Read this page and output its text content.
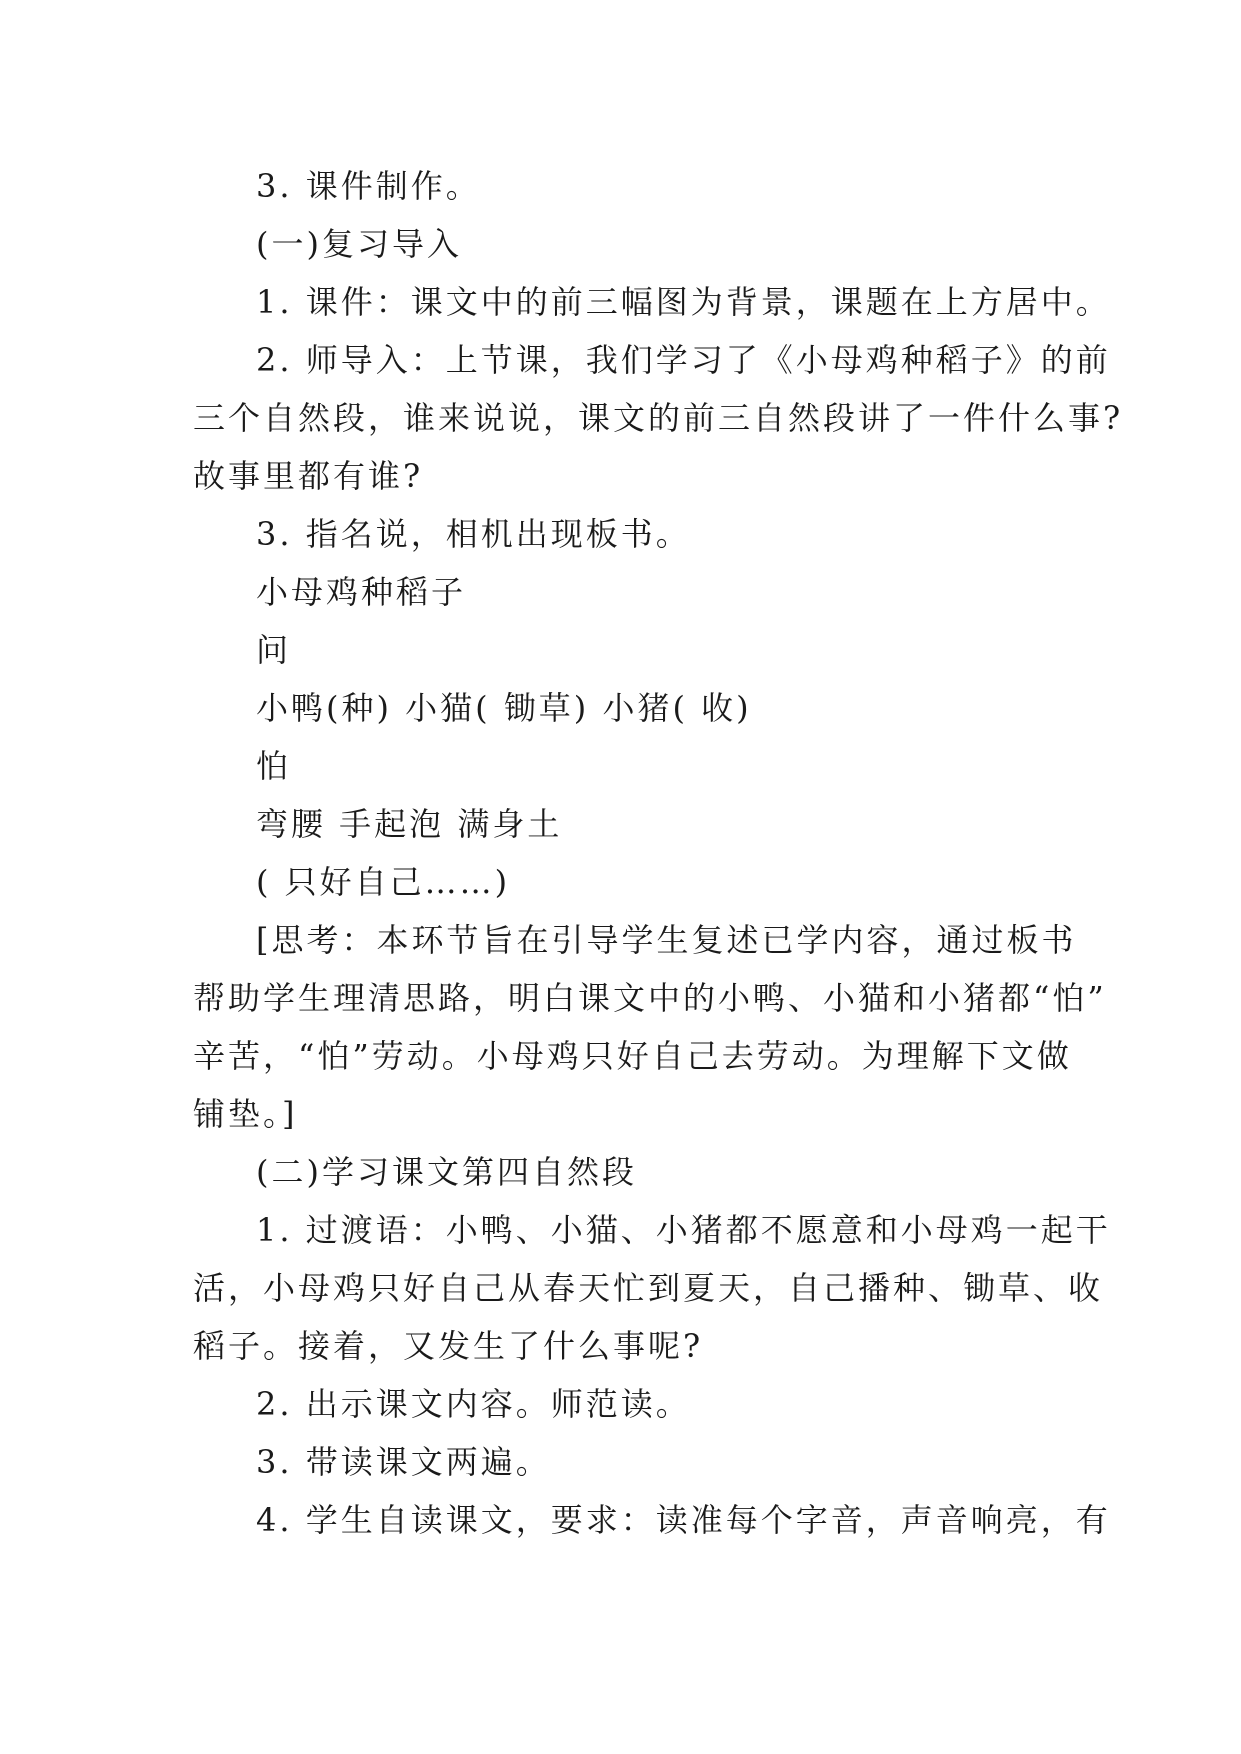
3. 课件制作。
(一)复习导入
1. 课件：课文中的前三幅图为背景，课题在上方居中。
2. 师导入：上节课，我们学习了《小母鸡种稻子》的前
三个自然段，谁来说说，课文的前三自然段讲了一件什么事?
故事里都有谁?
3. 指名说，相机出现板书。
小母鸡种稻子
问
小鸭(种) 小猫( 锄草) 小猪( 收)
怕
弯腰 手起泡 满身土
( 只好自己……)
[思考：本环节旨在引导学生复述已学内容，通过板书
帮助学生理清思路，明白课文中的小鸭、小猫和小猪都“怕”
辛苦，“怕”劳动。小母鸡只好自己去劳动。为理解下文做
铺垫。]
(二)学习课文第四自然段
1. 过渡语：小鸭、小猫、小猪都不愿意和小母鸡一起干
活，小母鸡只好自己从春天忙到夏天，自己播种、锄草、收
稻子。接着，又发生了什么事呢?
2. 出示课文内容。师范读。
3. 带读课文两遍。
4. 学生自读课文，要求：读准每个字音，声音响亮，有
